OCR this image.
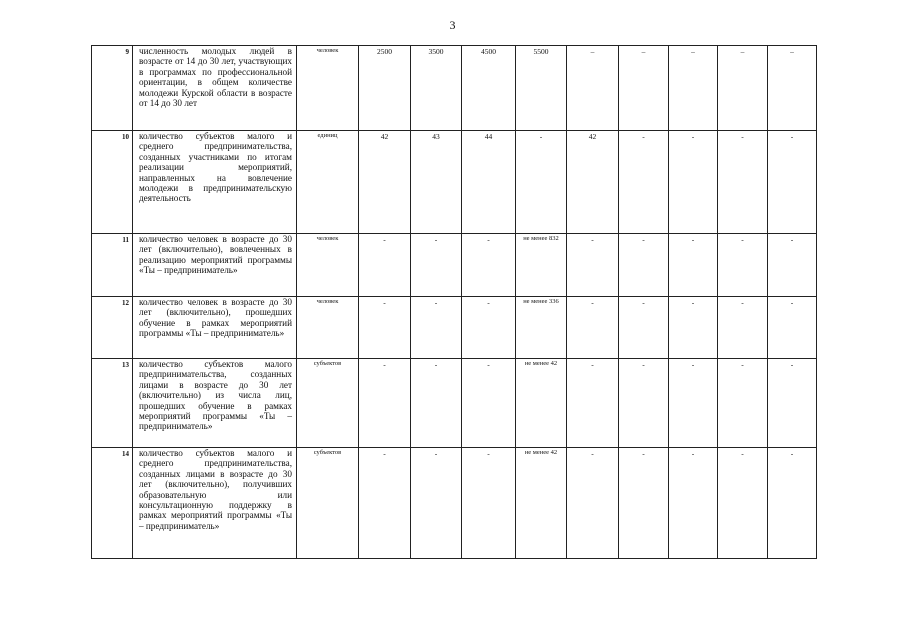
3
9	численность молодых людей в возрасте от 14 до 30 лет, участвующих в программах по профессиональной ориентации, в общем количестве молодежи Курской области в возрасте от 14 до 30 лет	человек	2500	3500	4500	5500	–	–	–	–	–
10	количество субъектов малого и среднего предпринимательства, созданных участниками по итогам реализации мероприятий, направленных на вовлечение молодежи в предпринимательскую деятельность	единиц	42	43	44	-	42	-	-	-	-
11	количество человек в возрасте до 30 лет (включительно), вовлеченных в реализацию мероприятий программы «Ты – предприниматель»	человек	-	-	-	не менее 832	-	-	-	-	-
12	количество человек в возрасте до 30 лет (включительно), прошедших обучение в рамках мероприятий программы «Ты – предприниматель»	человек	-	-	-	не менее 336	-	-	-	-	-
13	количество субъектов малого предпринимательства, созданных лицами в возрасте до 30 лет (включительно) из числа лиц, прошедших обучение в рамках мероприятий программы «Ты – предприниматель»	субъектов	-	-	-	не менее 42	-	-	-	-	-
14	количество субъектов малого и среднего предпринимательства, созданных лицами в возрасте до 30 лет (включительно), получивших образовательную или консультационную поддержку в рамках мероприятий программы «Ты – предприниматель»	субъектов	-	-	-	не менее 42	-	-	-	-	-
